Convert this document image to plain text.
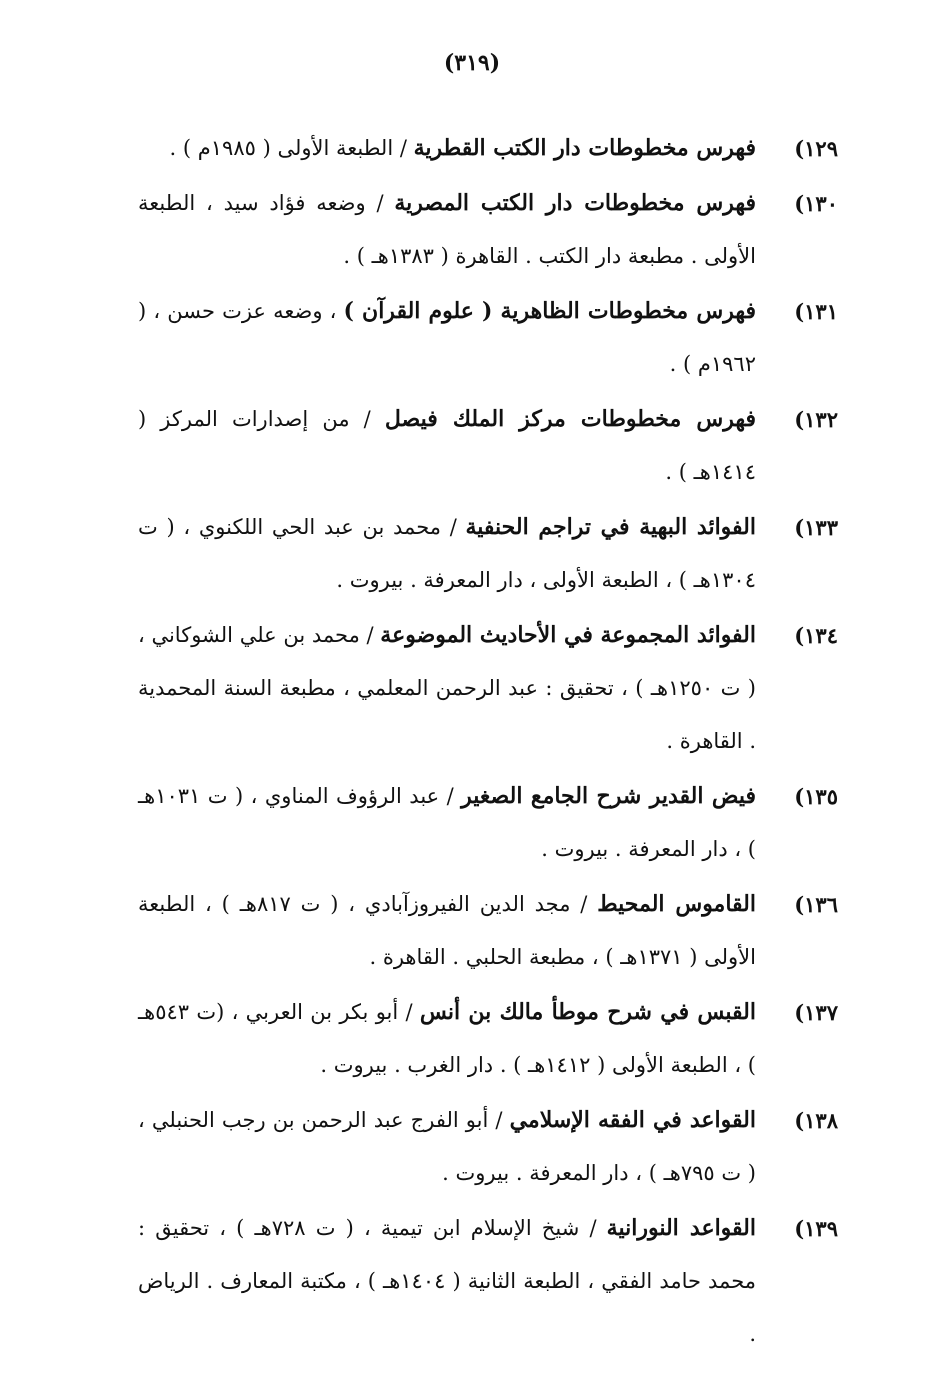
(٣١٩)
١٢٩)
فهرس مخطوطات دار الكتب القطرية / الطبعة الأولى ( ١٩٨٥م ) .
١٣٠)
فهرس مخطوطات دار الكتب المصرية / وضعه فؤاد سيد ، الطبعة الأولى . مطبعة دار الكتب . القاهرة ( ١٣٨٣هـ ) .
١٣١)
فهرس مخطوطات الظاهرية ( علوم القرآن ) ، وضعه عزت حسن ، ( ١٩٦٢م ) .
١٣٢)
فهرس مخطوطات مركز الملك فيصل / من إصدارات المركز ( ١٤١٤هـ ) .
١٣٣)
الفوائد البهية في تراجم الحنفية / محمد بن عبد الحي اللكنوي ، ( ت ١٣٠٤هـ ) ، الطبعة الأولى ، دار المعرفة . بيروت .
١٣٤)
الفوائد المجموعة في الأحاديث الموضوعة / محمد بن علي الشوكاني ، ( ت ١٢٥٠هـ ) ، تحقيق : عبد الرحمن المعلمي ، مطبعة السنة المحمدية . القاهرة .
١٣٥)
فيض القدير شرح الجامع الصغير / عبد الرؤوف المناوي ، ( ت ١٠٣١هـ ) ، دار المعرفة . بيروت .
١٣٦)
القاموس المحيط / مجد الدين الفيروزآبادي ، ( ت ٨١٧هـ ) ، الطبعة الأولى ( ١٣٧١هـ ) ، مطبعة الحلبي . القاهرة .
١٣٧)
القبس في شرح موطأ مالك بن أنس / أبو بكر بن العربي ، (ت ٥٤٣هـ ) ، الطبعة الأولى ( ١٤١٢هـ ) . دار الغرب . بيروت .
١٣٨)
القواعد في الفقه الإسلامي / أبو الفرج عبد الرحمن بن رجب الحنبلي ، ( ت ٧٩٥هـ ) ، دار المعرفة . بيروت .
١٣٩)
القواعد النورانية / شيخ الإسلام ابن تيمية ، ( ت ٧٢٨هـ ) ، تحقيق : محمد حامد الفقي ، الطبعة الثانية ( ١٤٠٤هـ ) ، مكتبة المعارف . الرياض .
